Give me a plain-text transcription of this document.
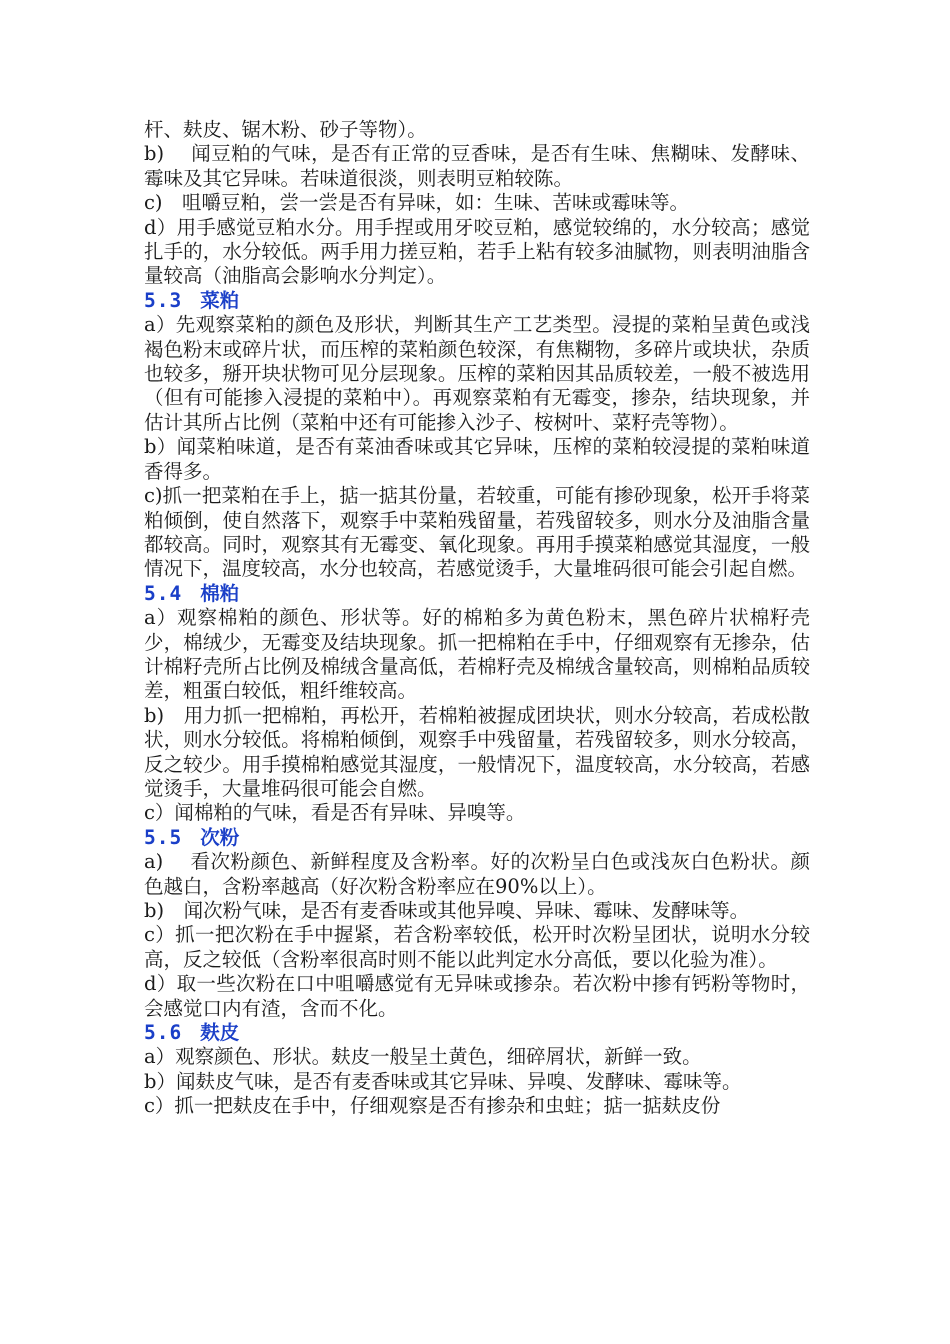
杆、麸皮、锯木粉、砂子等物）。

b)　 闻豆粕的气味，是否有正常的豆香味，是否有生味、焦糊味、发酵味、霉味及其它异味。若味道很淡，则表明豆粕较陈。

c)　咀嚼豆粕，尝一尝是否有异味，如：生味、苦味或霉味等。

d）用手感觉豆粕水分。用手捏或用牙咬豆粕，感觉较绵的，水分较高；感觉扎手的，水分较低。两手用力搓豆粕，若手上粘有较多油腻物，则表明油脂含量较高（油脂高会影响水分判定）。

5.3 菜粕

a）先观察菜粕的颜色及形状，判断其生产工艺类型。浸提的菜粕呈黄色或浅褐色粉末或碎片状，而压榨的菜粕颜色较深，有焦糊物，多碎片或块状，杂质也较多，掰开块状物可见分层现象。压榨的菜粕因其品质较差，一般不被选用（但有可能掺入浸提的菜粕中）。再观察菜粕有无霉变，掺杂，结块现象，并估计其所占比例（菜粕中还有可能掺入沙子、桉树叶、菜籽壳等物）。

b）闻菜粕味道，是否有菜油香味或其它异味，压榨的菜粕较浸提的菜粕味道香得多。

c)抓一把菜粕在手上，掂一掂其份量，若较重，可能有掺砂现象，松开手将菜粕倾倒，使自然落下，观察手中菜粕残留量，若残留较多，则水分及油脂含量都较高。同时，观察其有无霉变、氧化现象。再用手摸菜粕感觉其湿度，一般情况下，温度较高，水分也较高，若感觉烫手，大量堆码很可能会引起自燃。

5.4 棉粕

a）观察棉粕的颜色、形状等。好的棉粕多为黄色粉末，黑色碎片状棉籽壳少，棉绒少，无霉变及结块现象。抓一把棉粕在手中，仔细观察有无掺杂，估计棉籽壳所占比例及棉绒含量高低，若棉籽壳及棉绒含量较高，则棉粕品质较差，粗蛋白较低，粗纤维较高。

b)　用力抓一把棉粕，再松开，若棉粕被握成团块状，则水分较高，若成松散状，则水分较低。将棉粕倾倒，观察手中残留量，若残留较多，则水分较高，反之较少。用手摸棉粕感觉其湿度，一般情况下，温度较高，水分较高，若感觉烫手，大量堆码很可能会自燃。

c）闻棉粕的气味，看是否有异味、异嗅等。

5.5 次粉

a)　 看次粉颜色、新鲜程度及含粉率。好的次粉呈白色或浅灰白色粉状。颜色越白，含粉率越高（好次粉含粉率应在90%以上）。

b)　闻次粉气味，是否有麦香味或其他异嗅、异味、霉味、发酵味等。

c）抓一把次粉在手中握紧，若含粉率较低，松开时次粉呈团状，说明水分较高，反之较低（含粉率很高时则不能以此判定水分高低，要以化验为准）。

d）取一些次粉在口中咀嚼感觉有无异味或掺杂。若次粉中掺有钙粉等物时，会感觉口内有渣，含而不化。

5.6 麸皮

a）观察颜色、形状。麸皮一般呈土黄色，细碎屑状，新鲜一致。

b）闻麸皮气味，是否有麦香味或其它异味、异嗅、发酵味、霉味等。

c）抓一把麸皮在手中，仔细观察是否有掺杂和虫蛀；掂一掂麸皮份
